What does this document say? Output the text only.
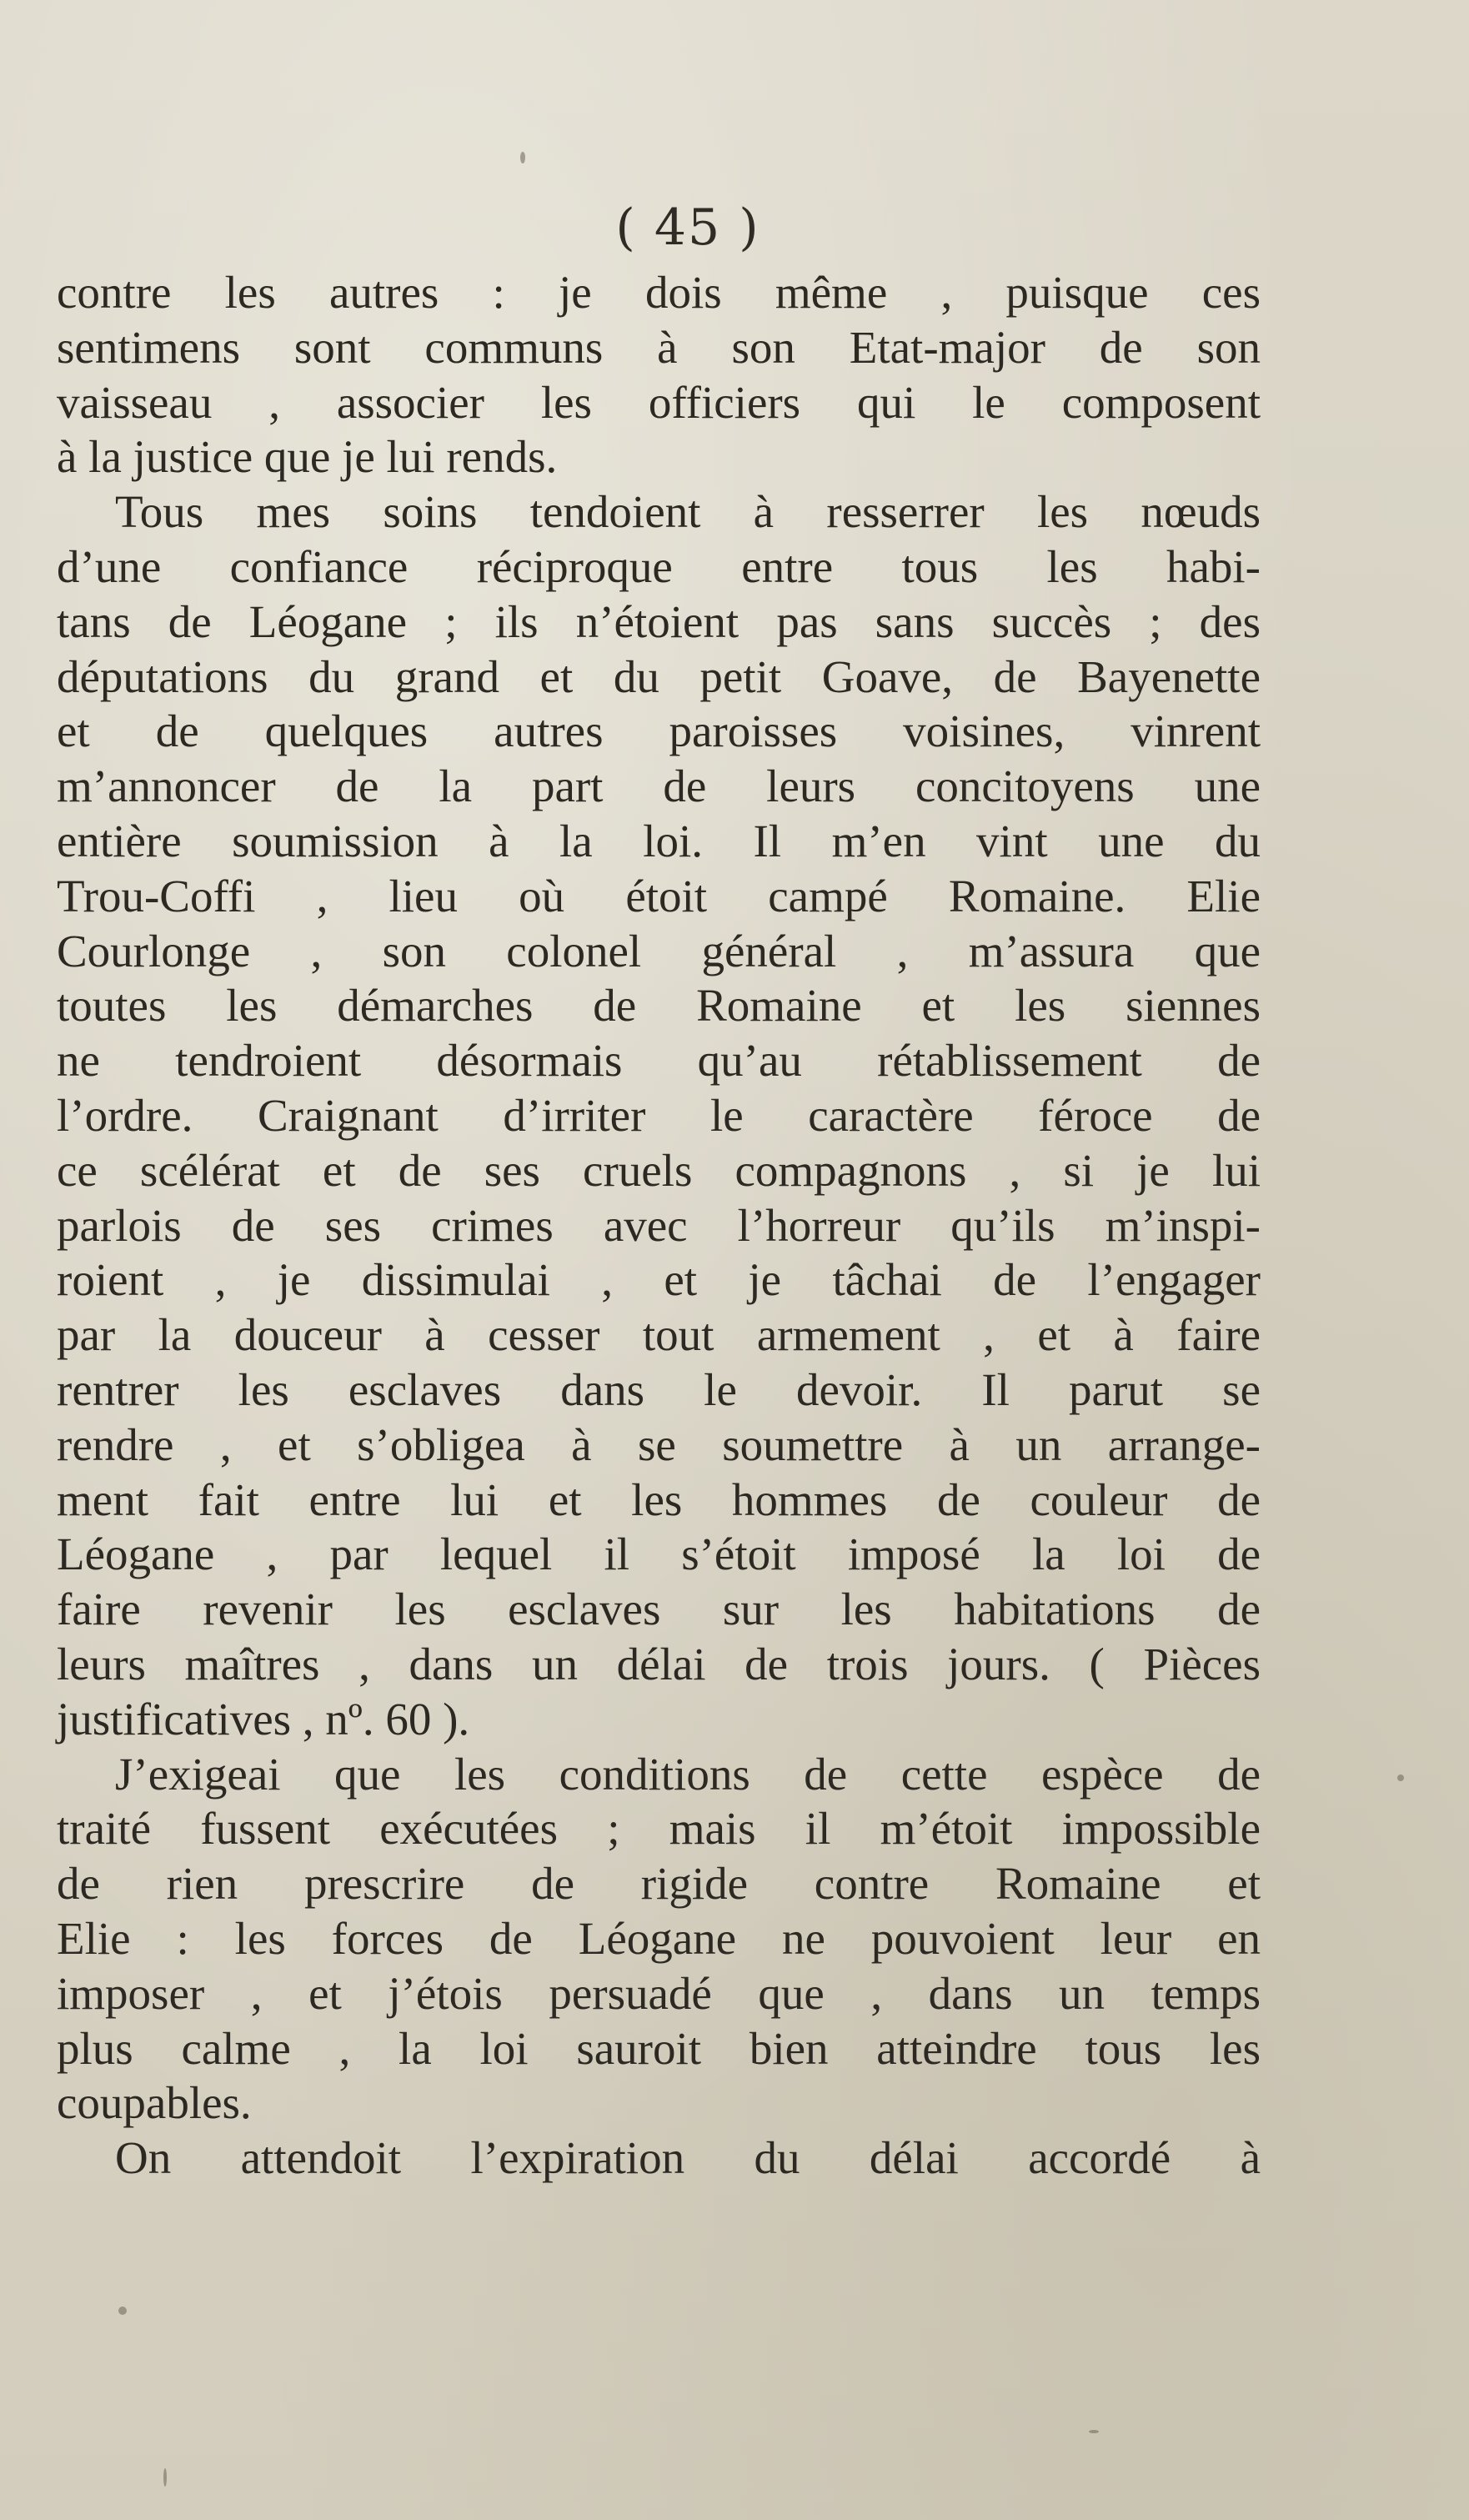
( 45 )
contre les autres : je dois même , puisque ces
sentimens sont communs à son Etat-major de son
vaisseau , associer les officiers qui le composent
à la justice que je lui rends.
Tous mes soins tendoient à resserrer les nœuds
d’une confiance réciproque entre tous les habi-
tans de Léogane ; ils n’étoient pas sans succès ; des
députations du grand et du petit Goave, de Bayenette
et de quelques autres paroisses voisines, vinrent
m’annoncer de la part de leurs concitoyens une
entière soumission à la loi. Il m’en vint une du
Trou-Coffi , lieu où étoit campé Romaine. Elie
Courlonge , son colonel général , m’assura que
toutes les démarches de Romaine et les siennes
ne tendroient désormais qu’au rétablissement de
l’ordre. Craignant d’irriter le caractère féroce de
ce scélérat et de ses cruels compagnons , si je lui
parlois de ses crimes avec l’horreur qu’ils m’inspi-
roient , je dissimulai , et je tâchai de l’engager
par la douceur à cesser tout armement , et à faire
rentrer les esclaves dans le devoir. Il parut se
rendre , et s’obligea à se soumettre à un arrange-
ment fait entre lui et les hommes de couleur de
Léogane , par lequel il s’étoit imposé la loi de
faire revenir les esclaves sur les habitations de
leurs maîtres , dans un délai de trois jours. ( Pièces
justificatives , nº. 60 ).
J’exigeai que les conditions de cette espèce de
traité fussent exécutées ; mais il m’étoit impossible
de rien prescrire de rigide contre Romaine et
Elie : les forces de Léogane ne pouvoient leur en
imposer , et j’étois persuadé que , dans un temps
plus calme , la loi sauroit bien atteindre tous les
coupables.
On attendoit l’expiration du délai accordé à
